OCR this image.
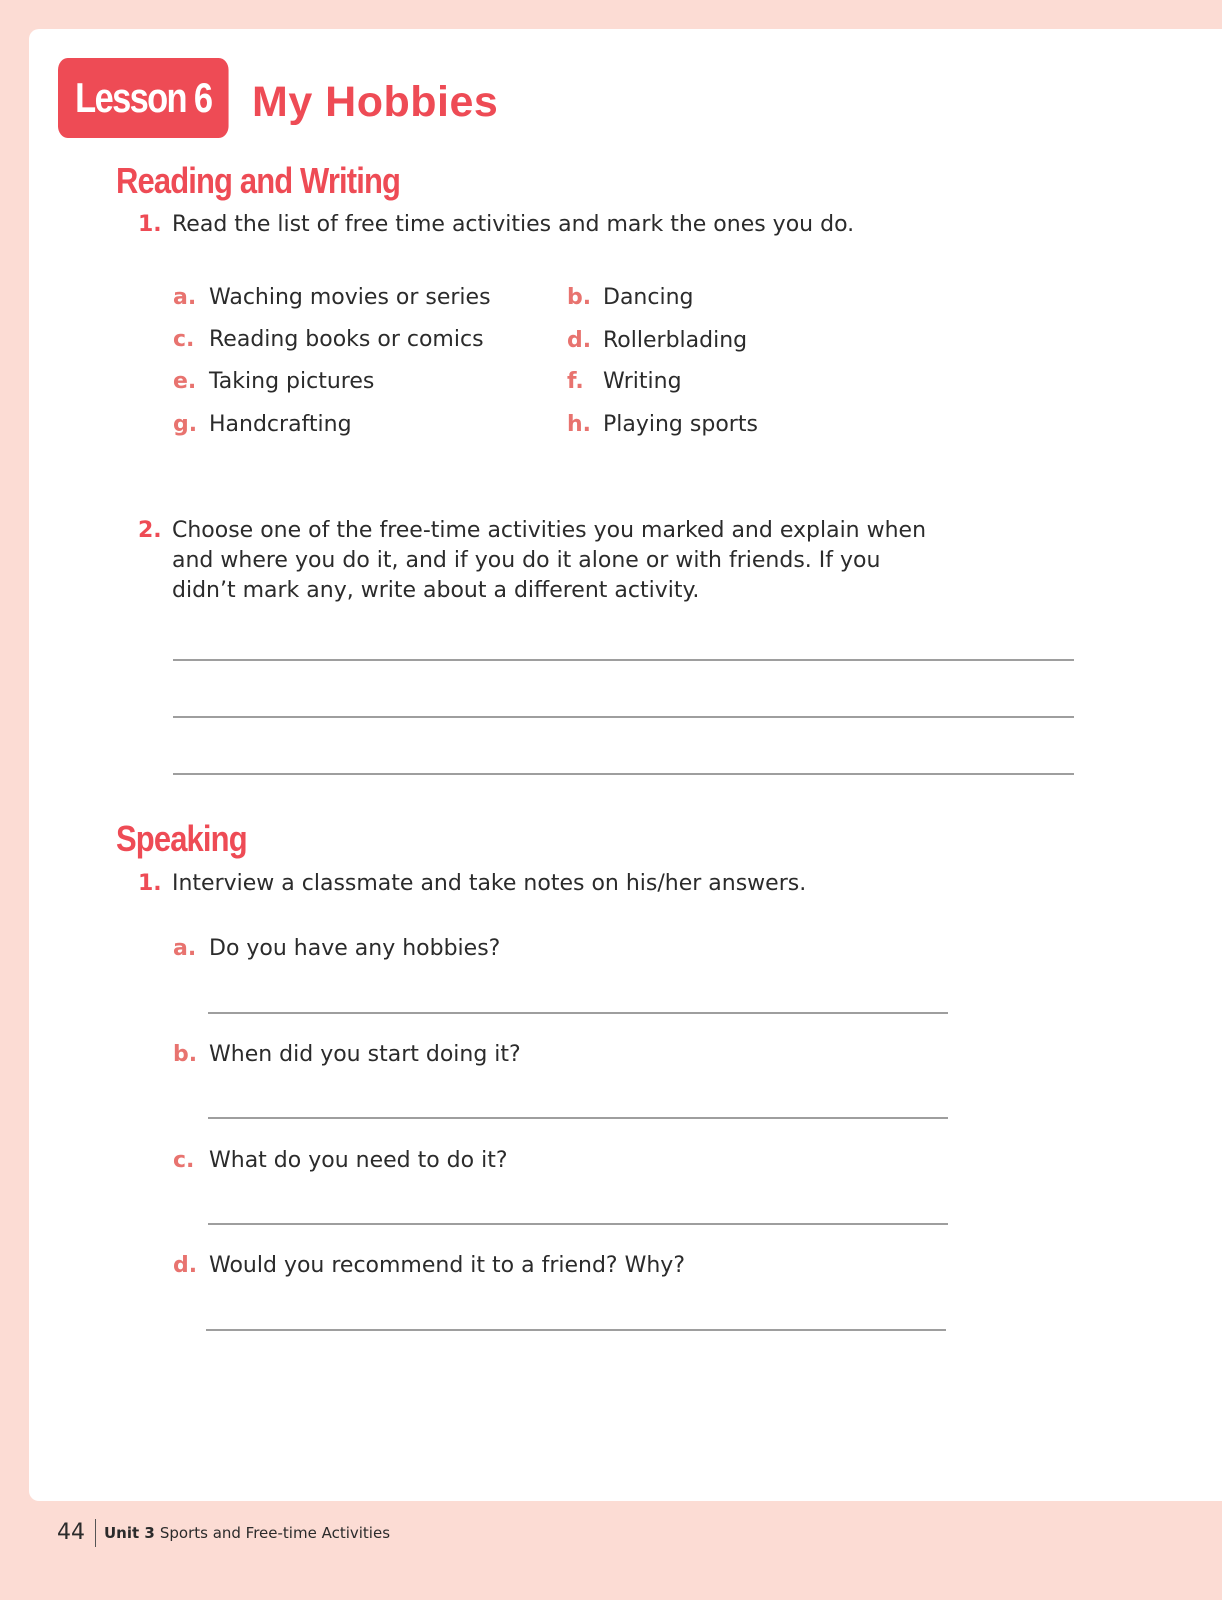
Lesson 6 My Hobbies
Reading and Writing
1. Read the list of free time activities and mark the ones you do.
a. Waching movies or series	b. Dancing
c. Reading books or comics	d. Rollerblading
e. Taking pictures	f. Writing
g. Handcrafting	h. Playing sports
2. Choose one of the free-time activities you marked and explain when
and where you do it, and if you do it alone or with friends. If you
didn’t mark any, write about a different activity.
Speaking
1. Interview a classmate and take notes on his/her answers.
a. Do you have any hobbies?
b. When did you start doing it?
c. What do you need to do it?
d. Would you recommend it to a friend? Why?
44	Unit 3 Sports and Free-time Activities
